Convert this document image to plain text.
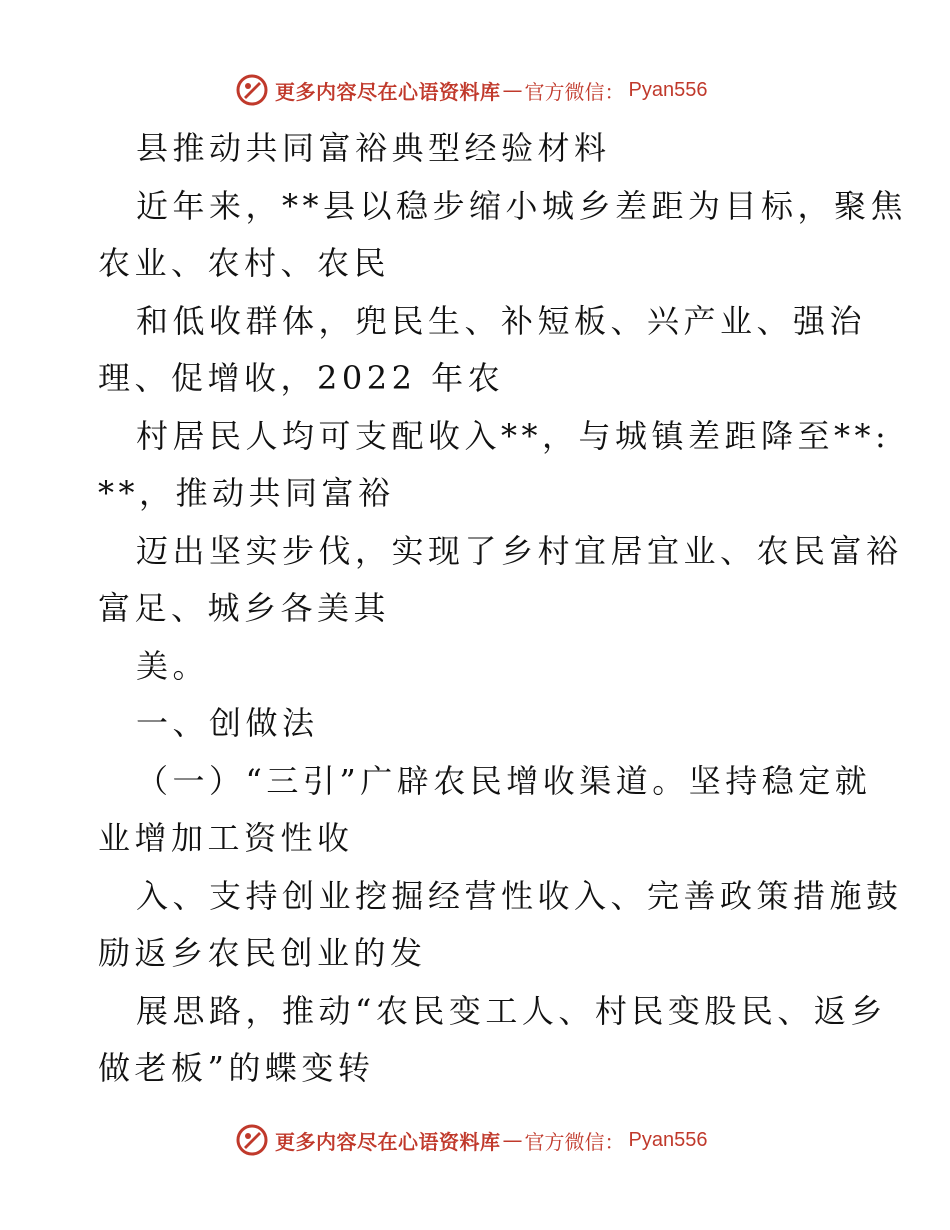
更多内容尽在心语资料库 — 官方微信 ： Pyan556
县推动共同富裕典型经验材料
近年来，**县以稳步缩小城乡差距为目标，聚焦
农业、农村、农民
和低收群体，兜民生、补短板、兴产业、强治
理、促增收，2022 年农
村居民人均可支配收入**，与城镇差距降至**:
**，推动共同富裕
迈出坚实步伐，实现了乡村宜居宜业、农民富裕
富足、城乡各美其
美。
一、创做法
（一）“三引”广辟农民增收渠道。坚持稳定就
业增加工资性收
入、支持创业挖掘经营性收入、完善政策措施鼓
励返乡农民创业的发
展思路，推动“农民变工人、村民变股民、返乡
做老板”的蝶变转
更多内容尽在心语资料库 — 官方微信 ： Pyan556
